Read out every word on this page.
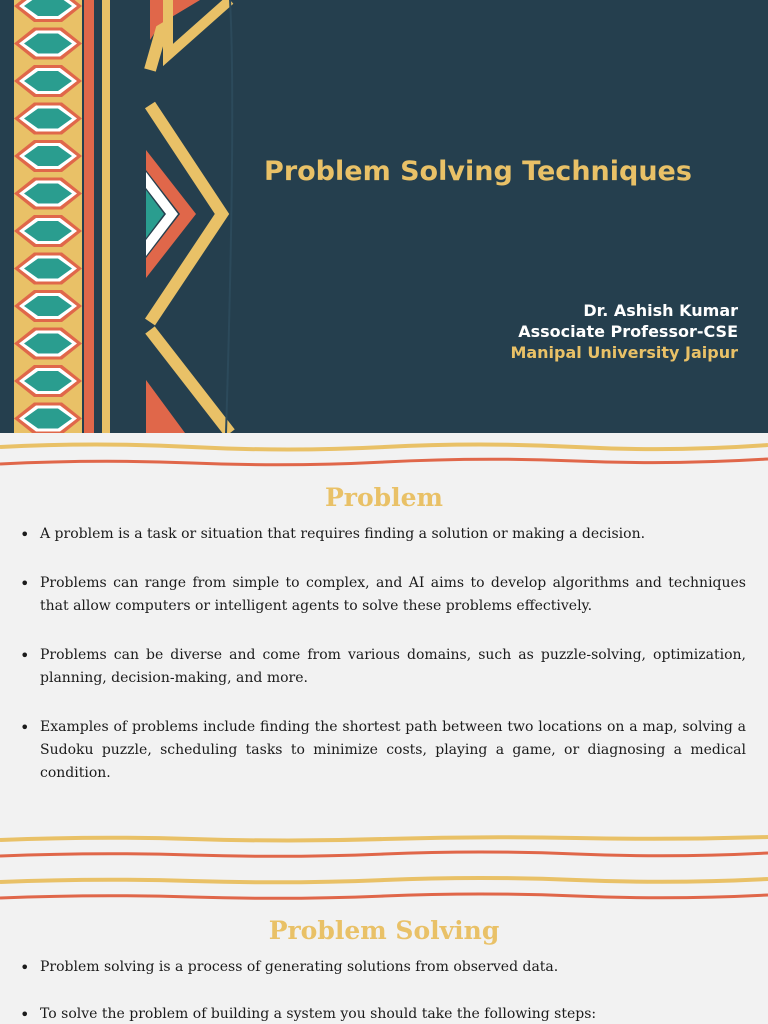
Problem Solving Techniques
Dr. Ashish Kumar
Associate Professor-CSE
Manipal University Jaipur
Problem
• A problem is a task or situation that requires finding a solution or making a decision.
• Problems can range from simple to complex, and AI aims to develop algorithms and techniques that allow computers or intelligent agents to solve these problems effectively.
• Problems can be diverse and come from various domains, such as puzzle-solving, optimization, planning, decision-making, and more.
• Examples of problems include finding the shortest path between two locations on a map, solving a Sudoku puzzle, scheduling tasks to minimize costs, playing a game, or diagnosing a medical condition.
Problem Solving
• Problem solving is a process of generating solutions from observed data.
• To solve the problem of building a system you should take the following steps:
